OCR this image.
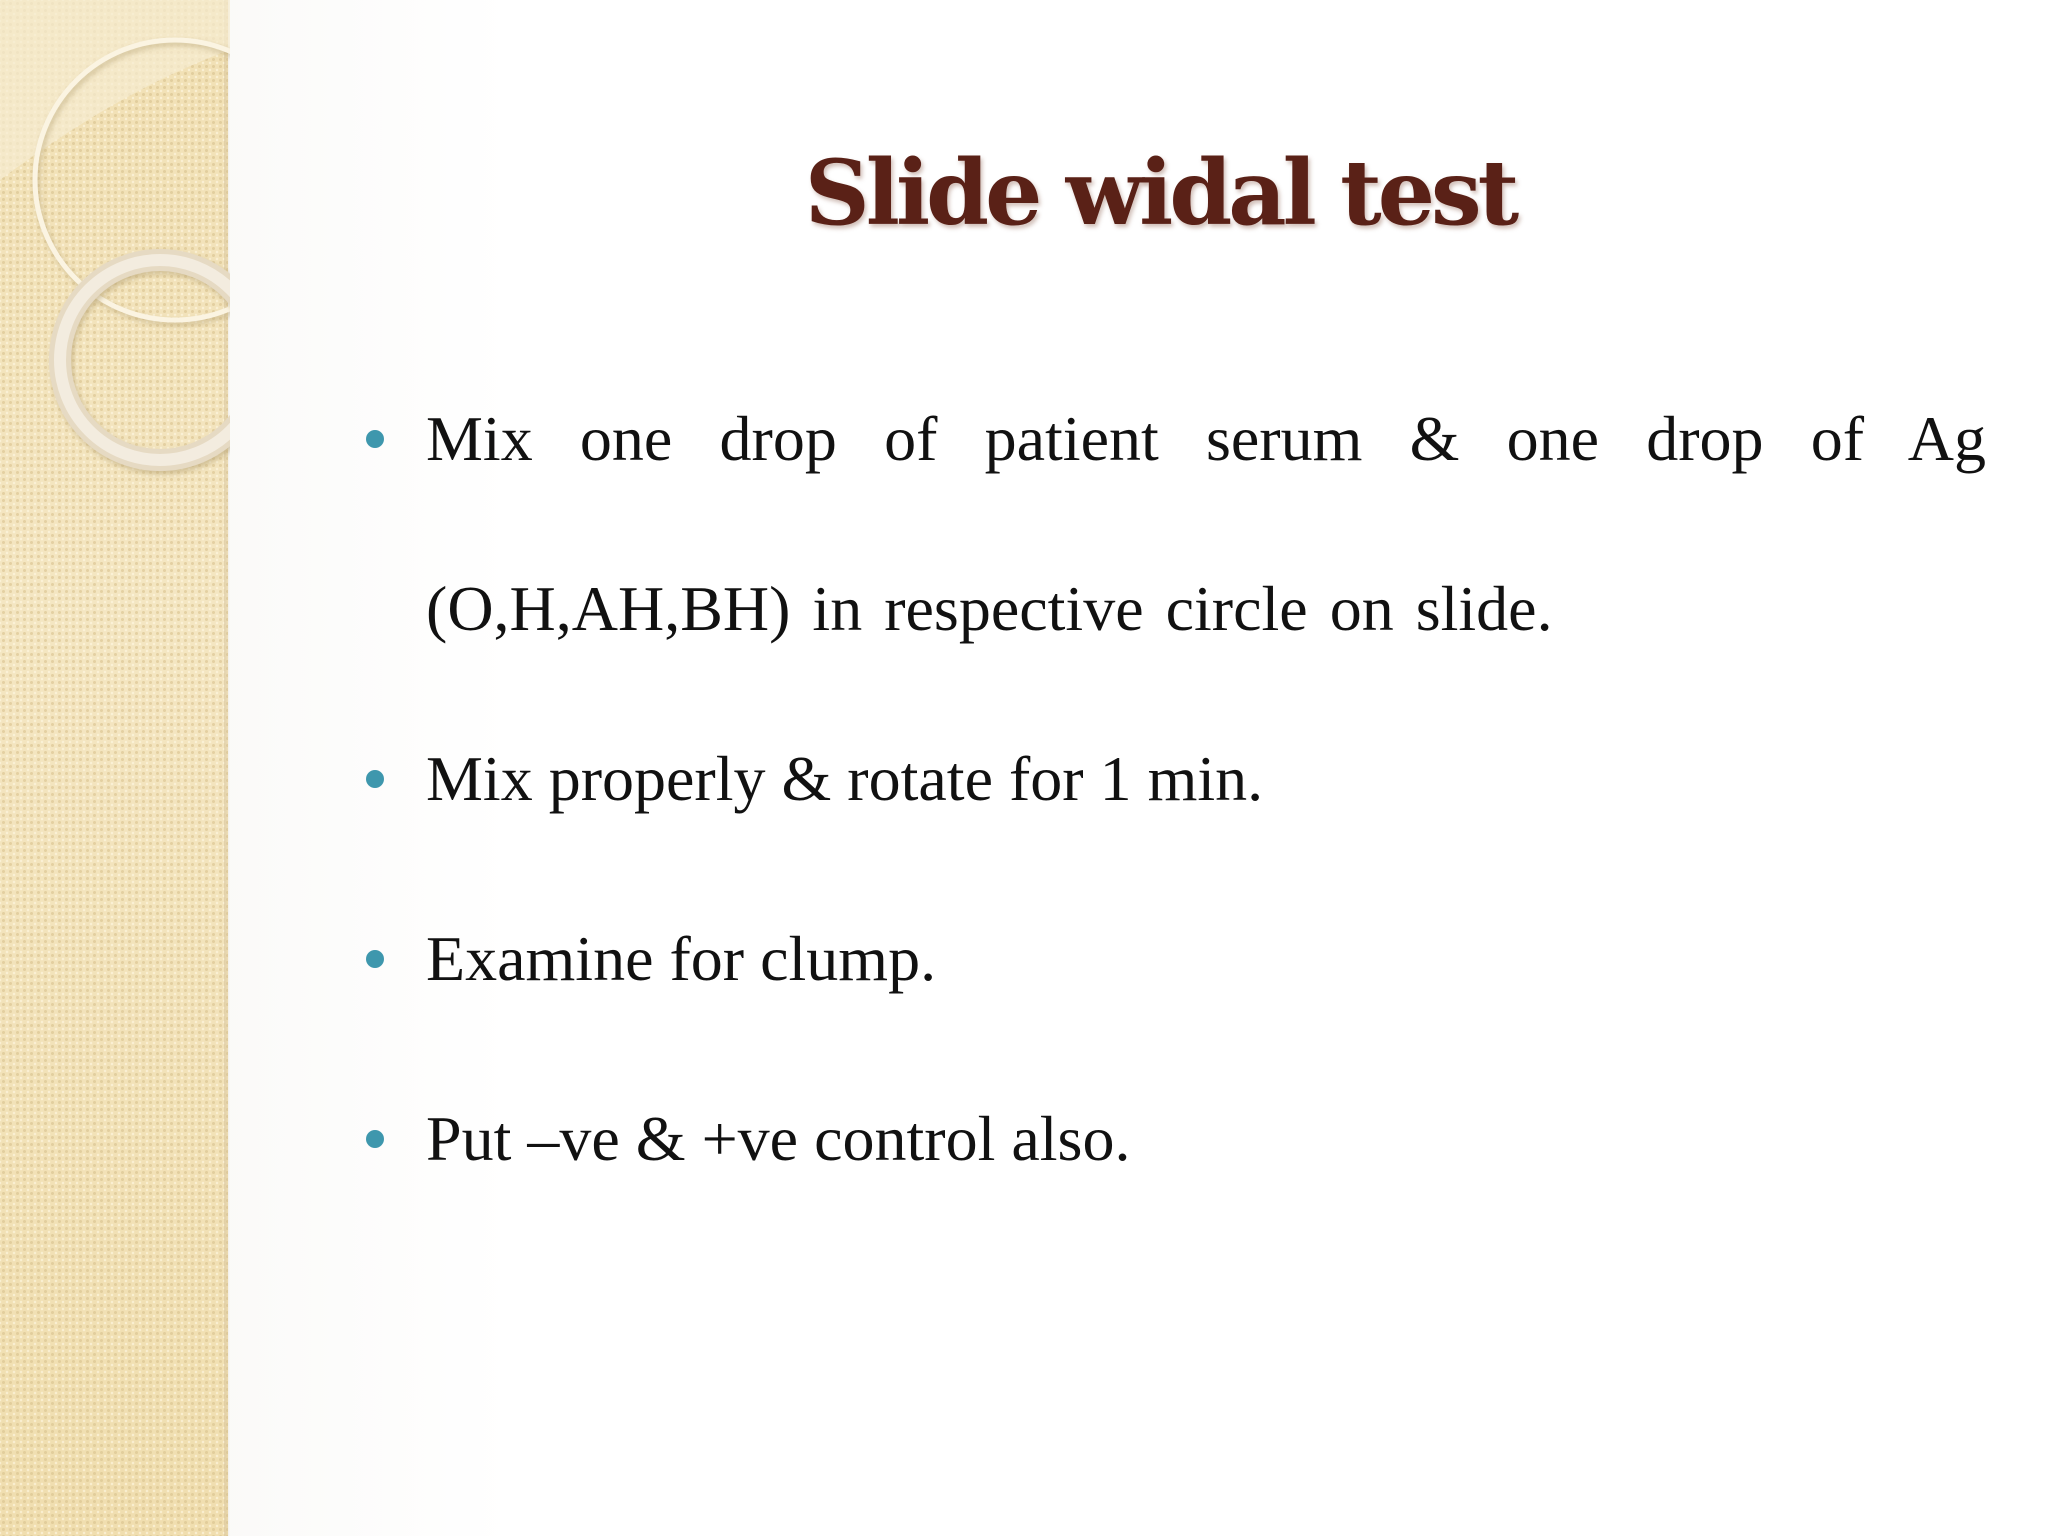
Slide widal test
Mix one drop of patient serum & one drop of Ag (O,H,AH,BH) in respective circle on slide.
Mix properly & rotate for 1 min.
Examine for clump.
Put –ve & +ve control also.
